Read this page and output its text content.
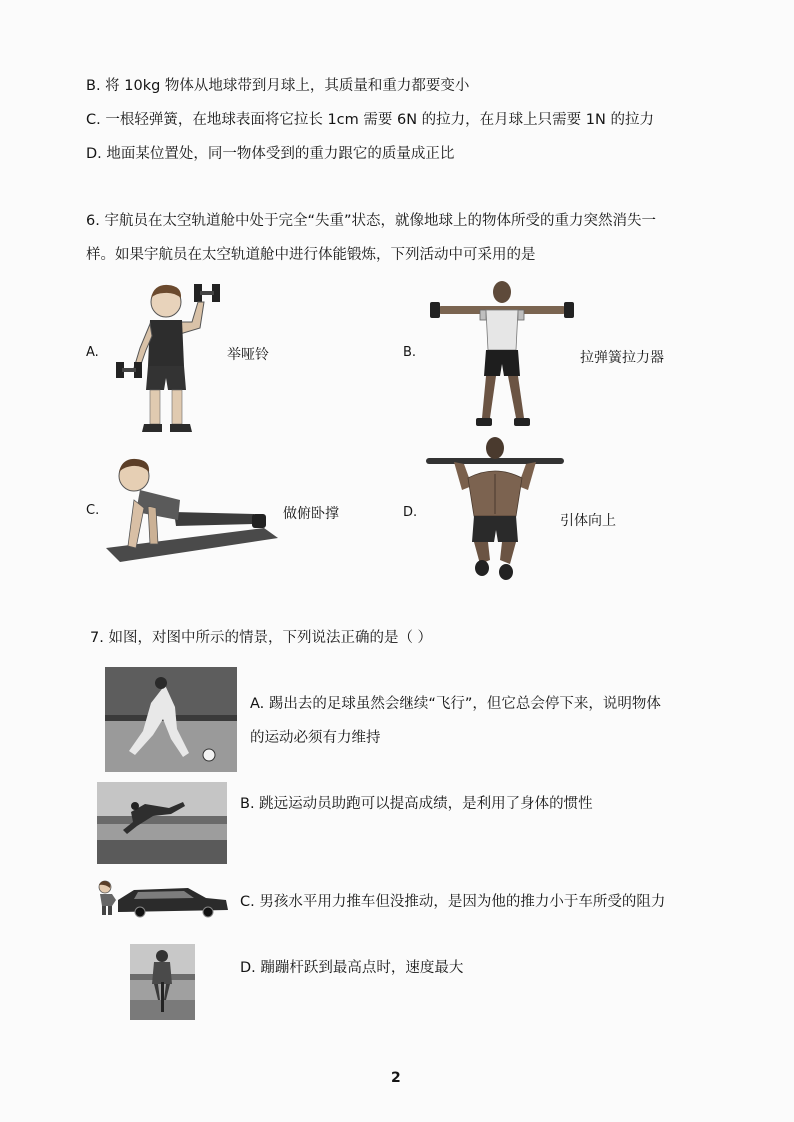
B. 将 10kg 物体从地球带到月球上，其质量和重力都要变小
C. 一根轻弹簧，在地球表面将它拉长 1cm 需要 6N 的拉力，在月球上只需要 1N 的拉力
D. 地面某位置处，同一物体受到的重力跟它的质量成正比
6. 宇航员在太空轨道舱中处于完全“失重”状态，就像地球上的物体所受的重力突然消失一
样。如果宇航员在太空轨道舱中进行体能锻炼，下列活动中可采用的是
A.	举哑铃	B.	拉弹簧拉力器
C.	做俯卧撑	D.
引体向上
7. 如图，对图中所示的情景，下列说法正确的是（ ）
A. 踢出去的足球虽然会继续“飞行”，但它总会停下来，说明物体
的运动必须有力维持
B. 跳远运动员助跑可以提高成绩，是利用了身体的惯性
C. 男孩水平用力推车但没推动，是因为他的推力小于车所受的阻力
D. 蹦蹦杆跃到最高点时，速度最大
2
